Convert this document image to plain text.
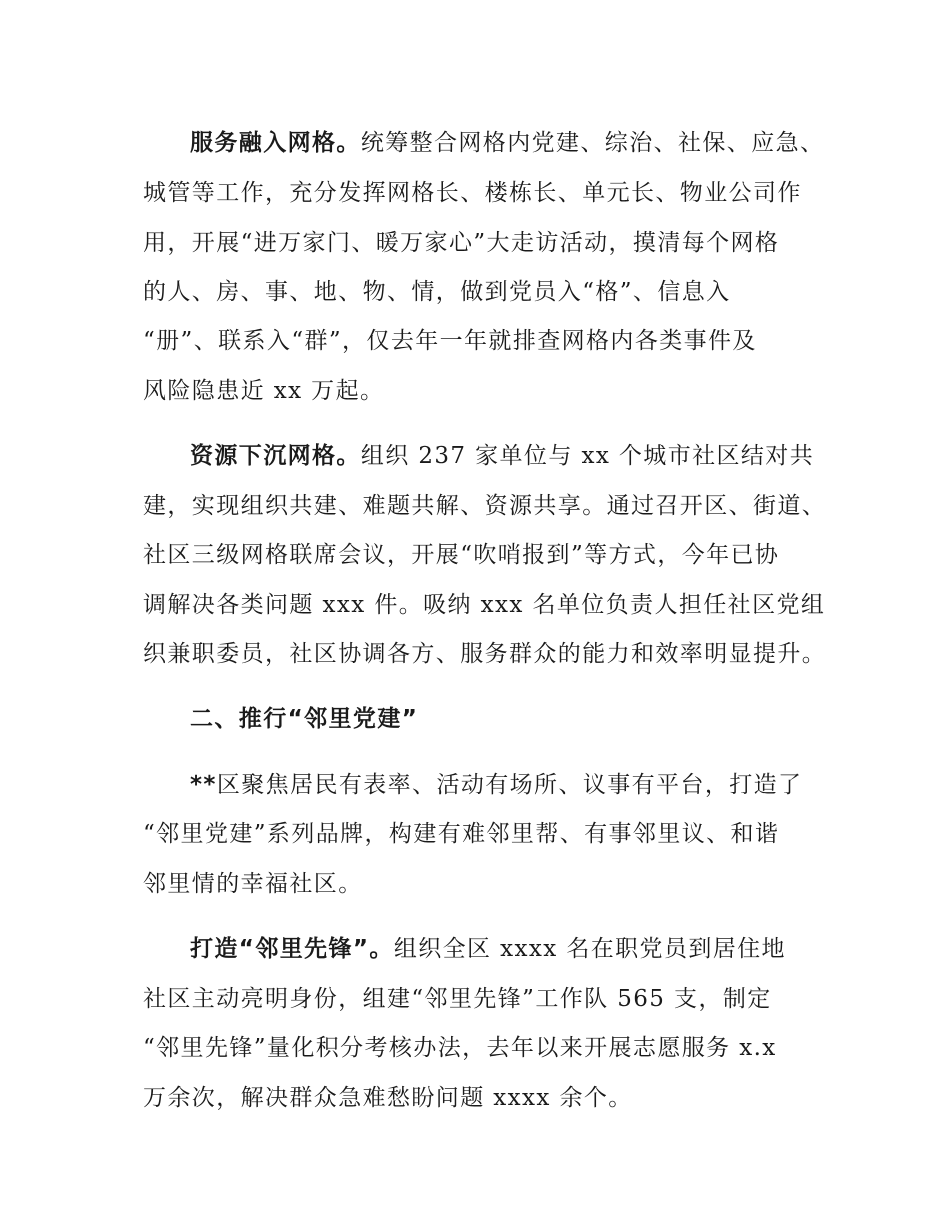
服务融入网格。统筹整合网格内党建、综治、社保、应急、
城管等工作，充分发挥网格长、楼栋长、单元长、物业公司作
用，开展“进万家门、暖万家心”大走访活动，摸清每个网格
的人、房、事、地、物、情，做到党员入“格”、信息入
“册”、联系入“群”，仅去年一年就排查网格内各类事件及
风险隐患近 xx 万起。
资源下沉网格。组织 237 家单位与 xx 个城市社区结对共
建，实现组织共建、难题共解、资源共享。通过召开区、街道、
社区三级网格联席会议，开展“吹哨报到”等方式，今年已协
调解决各类问题 xxx 件。吸纳 xxx 名单位负责人担任社区党组
织兼职委员，社区协调各方、服务群众的能力和效率明显提升。
二、推行“邻里党建”
**区聚焦居民有表率、活动有场所、议事有平台，打造了
“邻里党建”系列品牌，构建有难邻里帮、有事邻里议、和谐
邻里情的幸福社区。
打造“邻里先锋”。组织全区 xxxx 名在职党员到居住地
社区主动亮明身份，组建“邻里先锋”工作队 565 支，制定
“邻里先锋”量化积分考核办法，去年以来开展志愿服务 x.x
万余次，解决群众急难愁盼问题 xxxx 余个。
